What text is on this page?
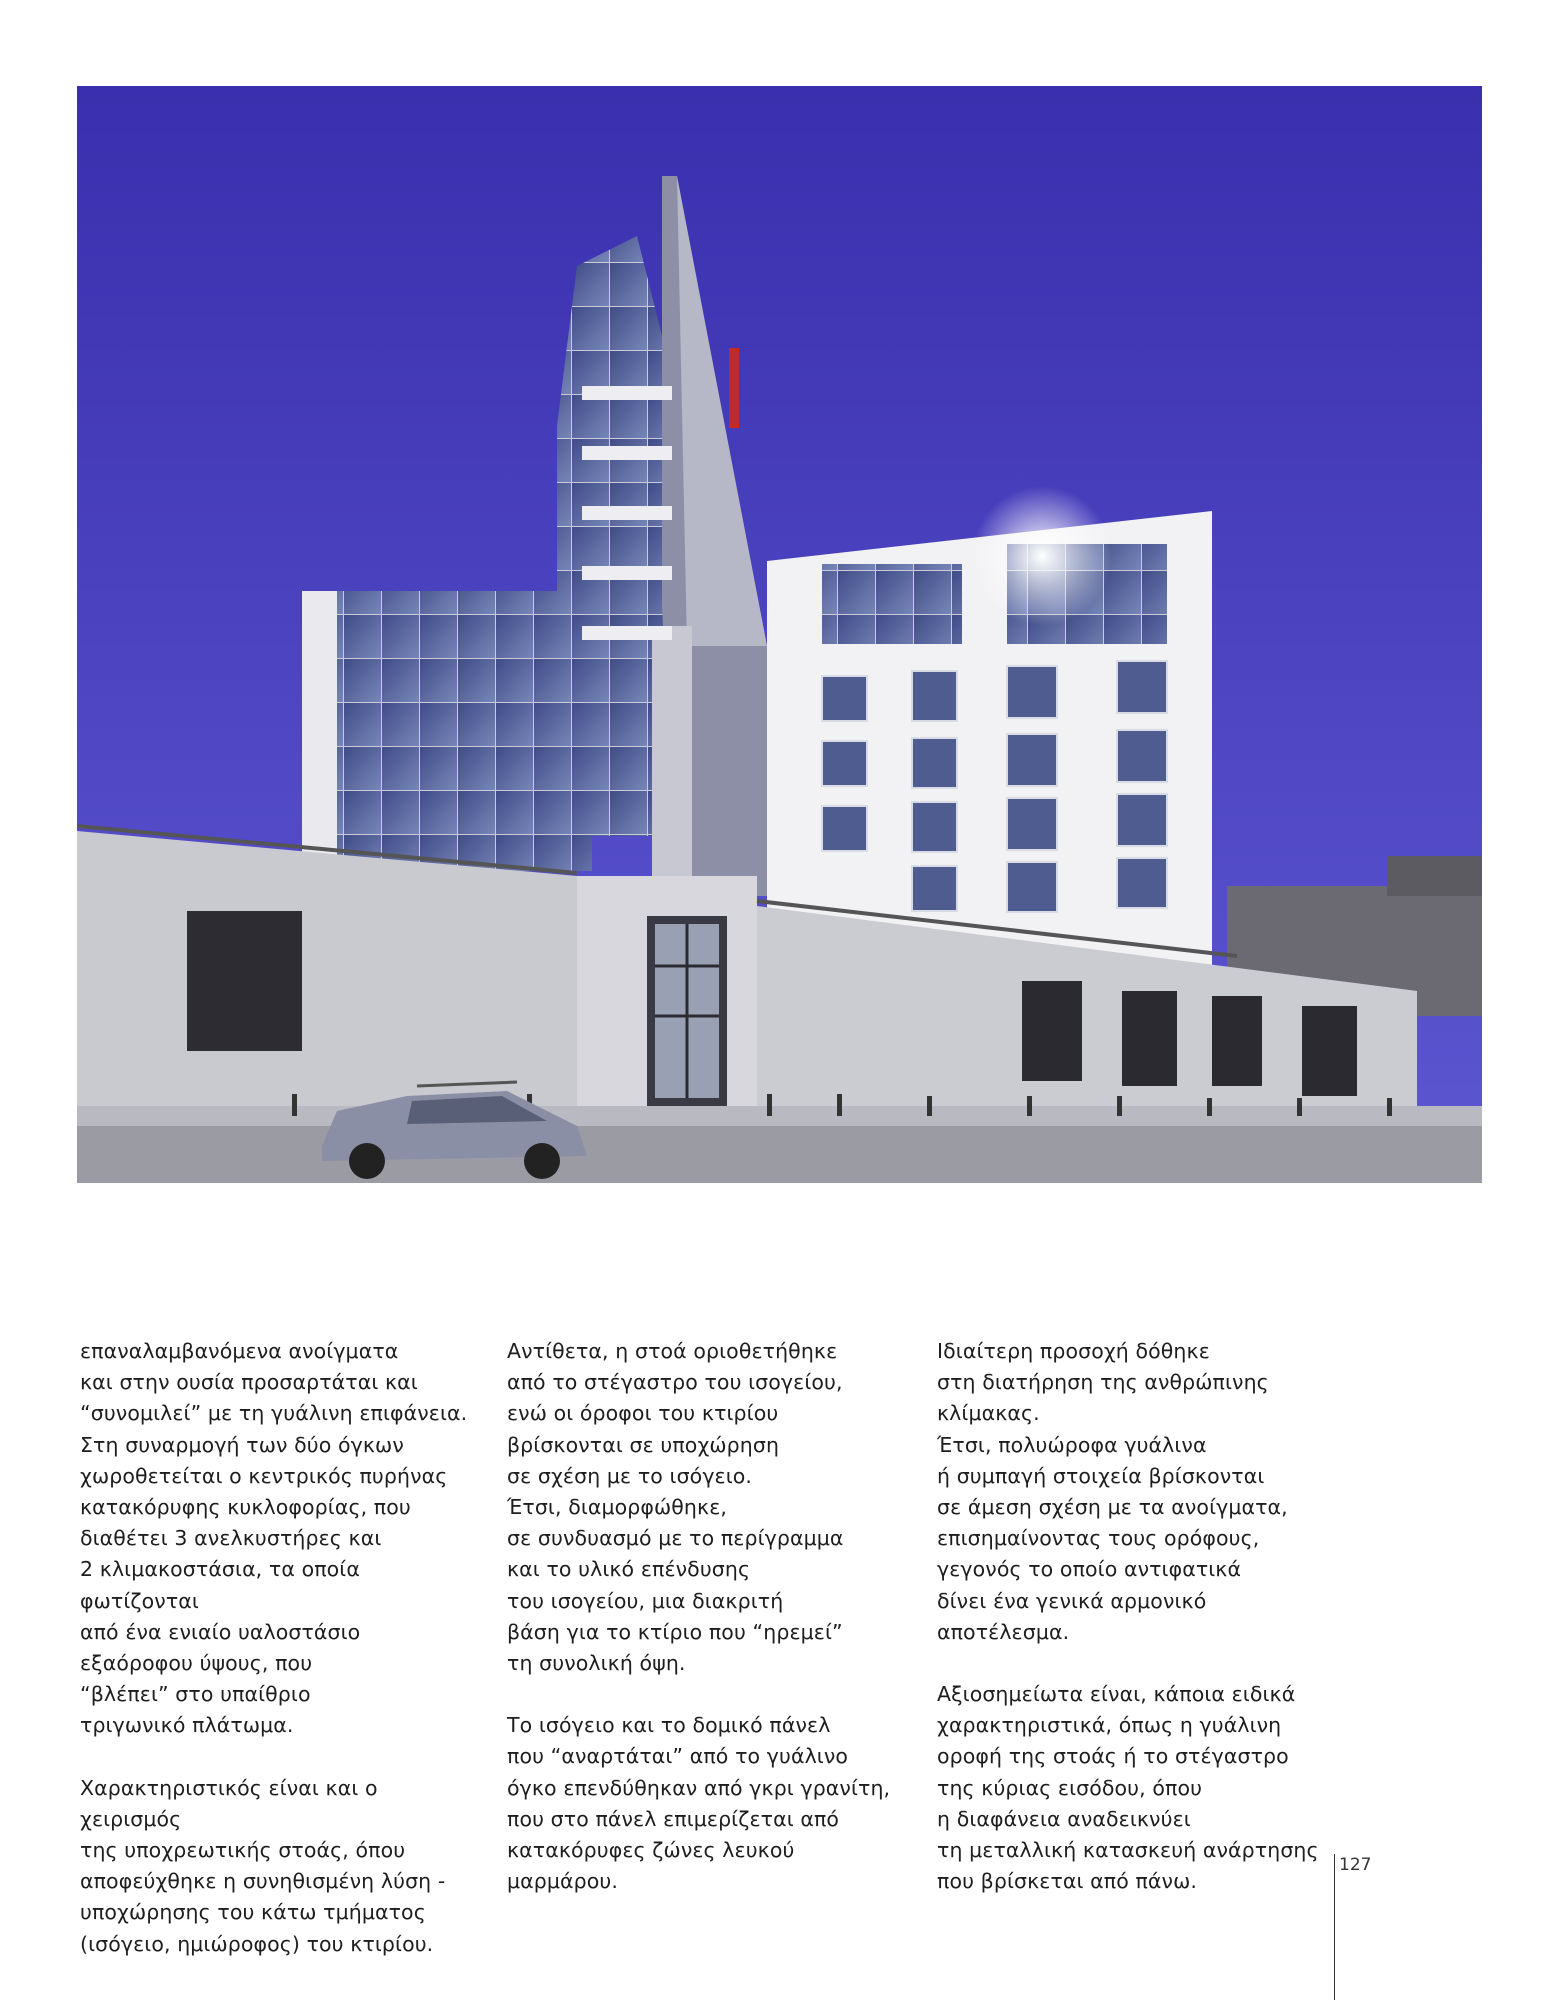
επαναλαμβανόμενα ανοίγματα
και στην ουσία προσαρτάται και
“συνομιλεί” με τη γυάλινη επιφάνεια.
Στη συναρμογή των δύο όγκων
χωροθετείται ο κεντρικός πυρήνας
κατακόρυφης κυκλοφορίας, που
διαθέτει 3 ανελκυστήρες και
2 κλιμακοστάσια, τα οποία φωτίζονται
από ένα ενιαίο υαλοστάσιο
εξαόροφου ύψους, που
“βλέπει” στο υπαίθριο
τριγωνικό πλάτωμα.

Χαρακτηριστικός είναι και ο χειρισμός
της υποχρεωτικής στοάς, όπου
αποφεύχθηκε η συνηθισμένη λύση -
υποχώρησης του κάτω τμήματος
(ισόγειο, ημιώροφος) του κτιρίου.

Αντίθετα, η στοά οριοθετήθηκε
από το στέγαστρο του ισογείου,
ενώ οι όροφοι του κτιρίου
βρίσκονται σε υποχώρηση
σε σχέση με το ισόγειο.
Έτσι, διαμορφώθηκε,
σε συνδυασμό με το περίγραμμα
και το υλικό επένδυσης
του ισογείου, μια διακριτή
βάση για το κτίριο που “ηρεμεί”
τη συνολική όψη.

Το ισόγειο και το δομικό πάνελ
που “αναρτάται” από το γυάλινο
όγκο επενδύθηκαν από γκρι γρανίτη,
που στο πάνελ επιμερίζεται από
κατακόρυφες ζώνες λευκού
μαρμάρου.

Ιδιαίτερη προσοχή δόθηκε
στη διατήρηση της ανθρώπινης
κλίμακας.
Έτσι, πολυώροφα γυάλινα
ή συμπαγή στοιχεία βρίσκονται
σε άμεση σχέση με τα ανοίγματα,
επισημαίνοντας τους ορόφους,
γεγονός το οποίο αντιφατικά
δίνει ένα γενικά αρμονικό
αποτέλεσμα.

Αξιοσημείωτα είναι, κάποια ειδικά
χαρακτηριστικά, όπως η γυάλινη
οροφή της στοάς ή το στέγαστρο
της κύριας εισόδου, όπου
η διαφάνεια αναδεικνύει
τη μεταλλική κατασκευή ανάρτησης
που βρίσκεται από πάνω.

127
